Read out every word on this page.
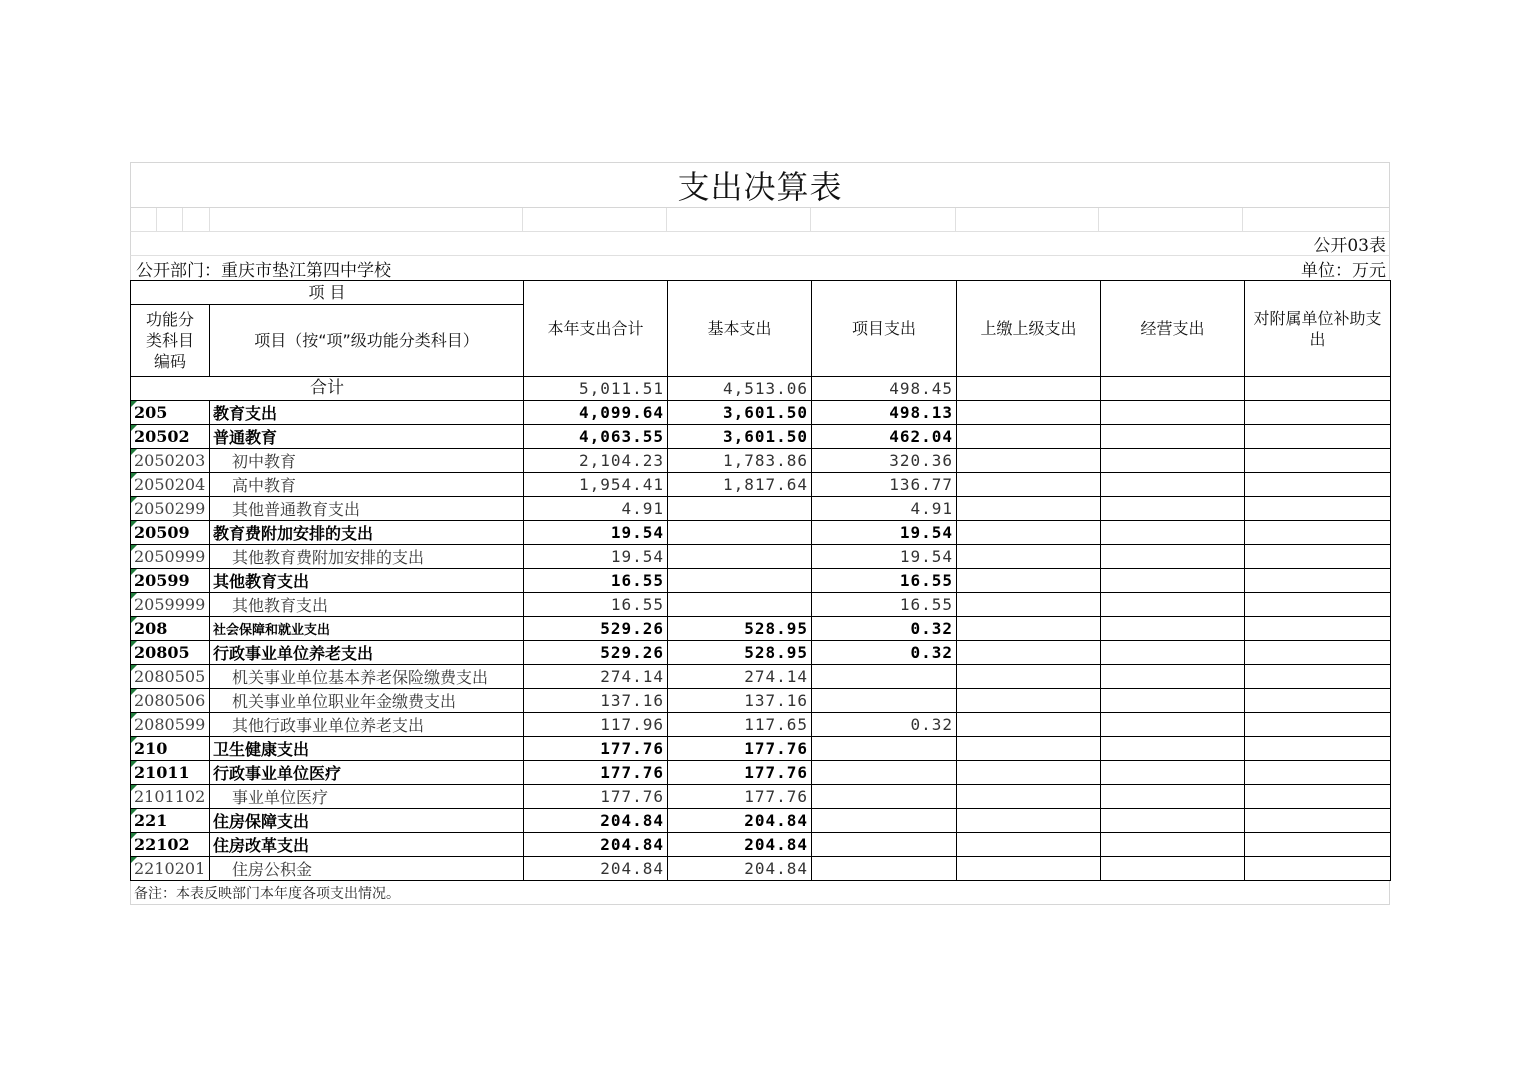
支出决算表
公开03表
公开部门：重庆市垫江第四中学校	单位：万元
项 目		本年支出合计	基本支出	项目支出	上缴上级支出	经营支出	对附属单位补助支出
功能分类科目编码	项目（按“项”级功能分类科目）						
合计		5,011.51	4,513.06	498.45			
205	教育支出	4,099.64	3,601.50	498.13			
20502	普通教育	4,063.55	3,601.50	462.04			
2050203	初中教育	2,104.23	1,783.86	320.36			
2050204	高中教育	1,954.41	1,817.64	136.77			
2050299	其他普通教育支出	4.91		4.91			
20509	教育费附加安排的支出	19.54		19.54			
2050999	其他教育费附加安排的支出	19.54		19.54			
20599	其他教育支出	16.55		16.55			
2059999	其他教育支出	16.55		16.55			
208	社会保障和就业支出	529.26	528.95	0.32			
20805	行政事业单位养老支出	529.26	528.95	0.32			
2080505	机关事业单位基本养老保险缴费支出	274.14	274.14				
2080506	机关事业单位职业年金缴费支出	137.16	137.16				
2080599	其他行政事业单位养老支出	117.96	117.65	0.32			
210	卫生健康支出	177.76	177.76				
21011	行政事业单位医疗	177.76	177.76				
2101102	事业单位医疗	177.76	177.76				
221	住房保障支出	204.84	204.84				
22102	住房改革支出	204.84	204.84				
2210201	住房公积金	204.84	204.84				
备注：本表反映部门本年度各项支出情况。
